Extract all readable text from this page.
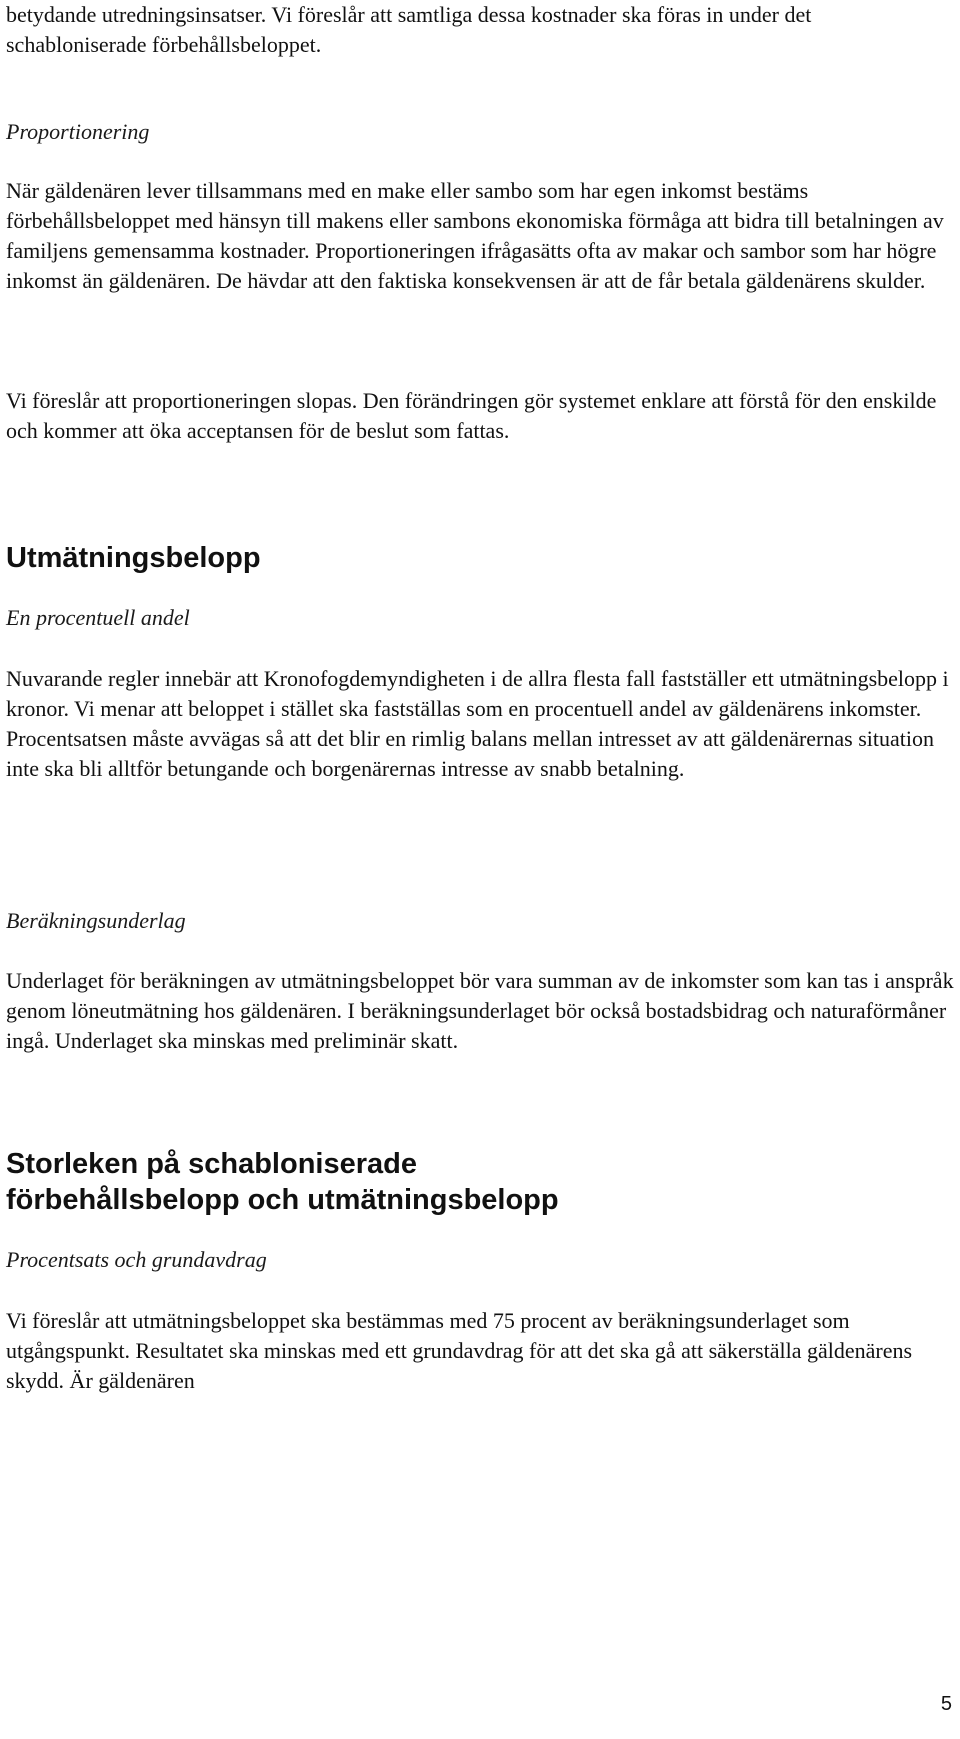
betydande utredningsinsatser. Vi föreslår att samtliga dessa kostnader ska föras in under det schabloniserade förbehållsbeloppet.

Proportionering

När gäldenären lever tillsammans med en make eller sambo som har egen inkomst bestäms förbehållsbeloppet med hänsyn till makens eller sambons ekonomiska förmåga att bidra till betalningen av familjens gemensamma kostnader. Proportioneringen ifrågasätts ofta av makar och sambor som har högre inkomst än gäldenären. De hävdar att den faktiska konsekvensen är att de får betala gäldenärens skulder.

Vi föreslår att proportioneringen slopas. Den förändringen gör systemet enklare att förstå för den enskilde och kommer att öka acceptansen för de beslut som fattas.

Utmätningsbelopp

En procentuell andel

Nuvarande regler innebär att Kronofogdemyndigheten i de allra flesta fall fastställer ett utmätningsbelopp i kronor. Vi menar att beloppet i stället ska fastställas som en procentuell andel av gäldenärens inkomster. Procentsatsen måste avvägas så att det blir en rimlig balans mellan intresset av att gäldenärernas situation inte ska bli alltför betungande och borgenärernas intresse av snabb betalning.

Beräkningsunderlag

Underlaget för beräkningen av utmätningsbeloppet bör vara summan av de inkomster som kan tas i anspråk genom löneutmätning hos gäldenären. I beräkningsunderlaget bör också bostadsbidrag och naturaförmåner ingå. Underlaget ska minskas med preliminär skatt.

Storleken på schabloniserade
förbehållsbelopp och utmätningsbelopp

Procentsats och grundavdrag

Vi föreslår att utmätningsbeloppet ska bestämmas med 75 procent av beräkningsunderlaget som utgångspunkt. Resultatet ska minskas med ett grundavdrag för att det ska gå att säkerställa gäldenärens skydd. Är gäldenären

5
